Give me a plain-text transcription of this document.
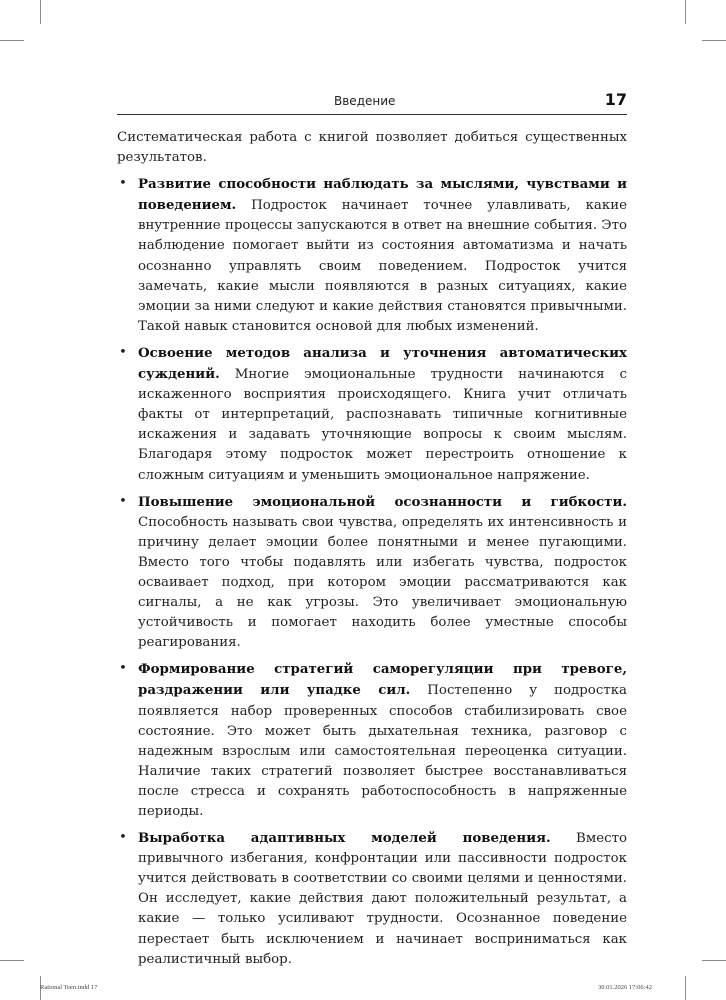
Введение	17

Систематическая работа с книгой позволяет добиться существенных результатов.

• Развитие способности наблюдать за мыслями, чувствами и поведением. Подросток начинает точнее улавливать, какие внутренние процессы запускаются в ответ на внешние события. Это наблюдение помогает выйти из состояния автоматизма и начать осознанно управлять своим поведением. Подросток учится замечать, какие мысли появляются в разных ситуациях, какие эмоции за ними следуют и какие действия становятся привычными. Такой навык становится основой для любых изменений.
• Освоение методов анализа и уточнения автоматических суждений. Многие эмоциональные трудности начинаются с искаженного восприятия происходящего. Книга учит отличать факты от интерпретаций, распознавать типичные когнитивные искажения и задавать уточняющие вопросы к своим мыслям. Благодаря этому подросток может перестроить отношение к сложным ситуациям и уменьшить эмоциональное напряжение.
• Повышение эмоциональной осознанности и гибкости. Способность называть свои чувства, определять их интенсивность и причину делает эмоции более понятными и менее пугающими. Вместо того чтобы подавлять или избегать чувства, подросток осваивает подход, при котором эмоции рассматриваются как сигналы, а не как угрозы. Это увеличивает эмоциональную устойчивость и помогает находить более уместные способы реагирования.
• Формирование стратегий саморегуляции при тревоге, раздражении или упадке сил. Постепенно у подростка появляется набор проверенных способов стабилизировать свое состояние. Это может быть дыхательная техника, разговор с надежным взрослым или самостоятельная переоценка ситуации. Наличие таких стратегий позволяет быстрее восстанавливаться после стресса и сохранять работоспособность в напряженные периоды.
• Выработка адаптивных моделей поведения. Вместо привычного избегания, конфронтации или пассивности подросток учится действовать в соответствии со своими целями и ценностями. Он исследует, какие действия дают положительный результат, а какие — только усиливают трудности. Осознанное поведение перестает быть исключением и начинает восприниматься как реалистичный выбор.
Rational Teen.indd 17	30.01.2026 17:06:42
